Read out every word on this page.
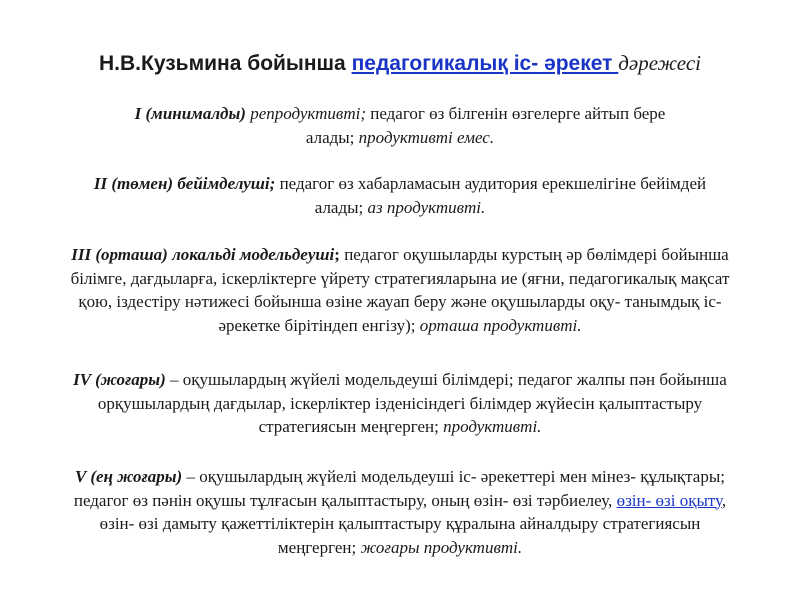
Н.В.Кузьмина бойынша педагогикалық іс- әрекет дәрежесі
І (минималды) репродуктивті; педагог өз білгенін өзгелерге айтып бере
алады; продуктивті емес.
ІІ (төмен) бейімделуші; педагог өз хабарламасын аудитория ерекшелігіне бейімдей
алады; аз продуктивті.
ІІІ (орташа) локальді модельдеуші; педагог оқушыларды курстың әр бөлімдері бойынша
білімге, дағдыларға, іскерліктерге үйрету стратегияларына ие (яғни, педагогикалық мақсат
қою, іздестіру нәтижесі бойынша өзіне жауап беру және оқушыларды оқу- танымдық іс-
әрекетке бірітіндеп енгізу); орташа продуктивті.
ІV (жоғары) – оқушылардың жүйелі модельдеуші білімдері; педагог жалпы пән бойынша
орқушылардың дағдылар, іскерліктер ізденісіндегі білімдер жүйесін қалыптастыру
стратегиясын меңгерген; продуктивті.
V (ең жоғары) – оқушылардың жүйелі модельдеуші іс- әрекеттері мен мінез- құлықтары;
педагог өз пәнін оқушы тұлғасын қалыптастыру, оның өзін- өзі тәрбиелеу, өзін- өзі оқыту,
өзін- өзі дамыту қажеттіліктерін қалыптастыру құралына айналдыру стратегиясын
меңгерген; жоғары продуктивті.
